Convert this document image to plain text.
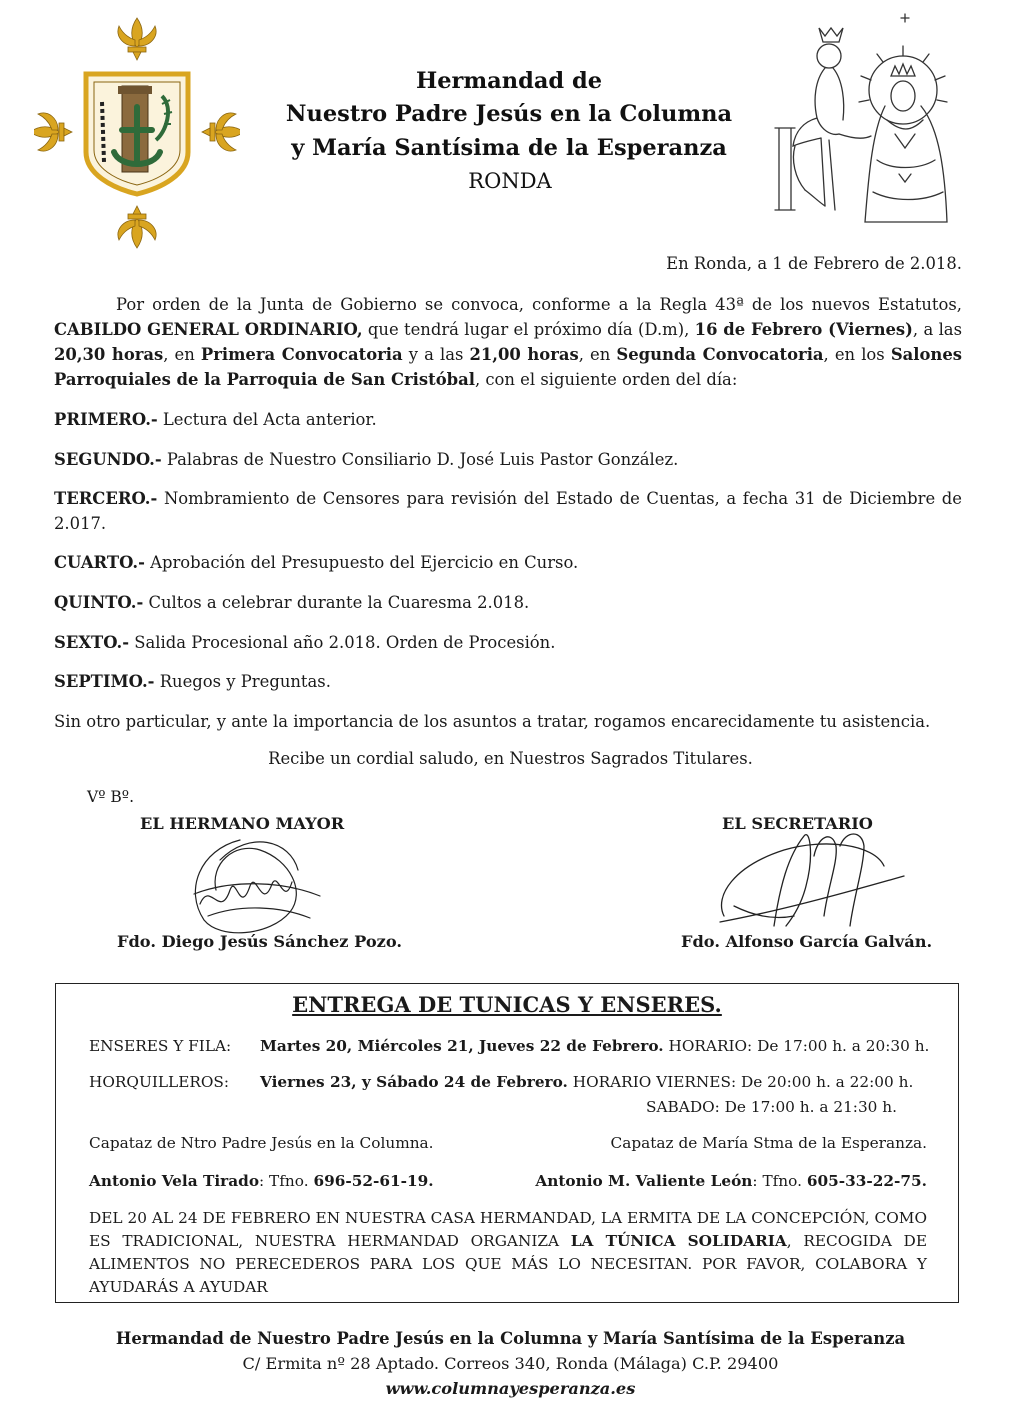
Hermandad de
Nuestro Padre Jesús en la Columna
y María Santísima de la Esperanza
RONDA
En Ronda, a 1 de Febrero de 2.018.
Por orden de la Junta de Gobierno se convoca, conforme a la Regla 43ª de los nuevos Estatutos, CABILDO GENERAL ORDINARIO, que tendrá lugar el próximo día (D.m), 16 de Febrero (Viernes), a las 20,30 horas, en Primera Convocatoria y a las 21,00 horas, en Segunda Convocatoria, en los Salones Parroquiales de la Parroquia de San Cristóbal, con el siguiente orden del día:
PRIMERO.- Lectura del Acta anterior.
SEGUNDO.- Palabras de Nuestro Consiliario D. José Luis Pastor González.
TERCERO.- Nombramiento de Censores para revisión del Estado de Cuentas, a fecha 31 de Diciembre de 2.017.
CUARTO.- Aprobación del Presupuesto del Ejercicio en Curso.
QUINTO.- Cultos a celebrar durante la Cuaresma 2.018.
SEXTO.- Salida Procesional año 2.018. Orden de Procesión.
SEPTIMO.- Ruegos y Preguntas.
Sin otro particular, y ante la importancia de los asuntos a tratar, rogamos encarecidamente tu asistencia.
Recibe un cordial saludo, en Nuestros Sagrados Titulares.
Vº Bº.
EL HERMANO MAYOR	EL SECRETARIO
Fdo. Diego Jesús Sánchez Pozo.	Fdo. Alfonso García Galván.
ENTREGA DE TUNICAS Y ENSERES.
ENSERES Y FILA: Martes 20, Miércoles 21, Jueves 22 de Febrero. HORARIO: De 17:00 h. a 20:30 h.
HORQUILLEROS: Viernes 23, y Sábado 24 de Febrero. HORARIO VIERNES: De 20:00 h. a 22:00 h.
SABADO: De 17:00 h. a 21:30 h.
Capataz de Ntro Padre Jesús en la Columna.	Capataz de María Stma de la Esperanza.
Antonio Vela Tirado: Tfno. 696-52-61-19.	Antonio M. Valiente León: Tfno. 605-33-22-75.
DEL 20 AL 24 DE FEBRERO EN NUESTRA CASA HERMANDAD, LA ERMITA DE LA CONCEPCIÓN, COMO ES TRADICIONAL, NUESTRA HERMANDAD ORGANIZA LA TÚNICA SOLIDARIA, RECOGIDA DE ALIMENTOS NO PERECEDEROS PARA LOS QUE MÁS LO NECESITAN. POR FAVOR, COLABORA Y AYUDARÁS A AYUDAR
Hermandad de Nuestro Padre Jesús en la Columna y María Santísima de la Esperanza
C/ Ermita nº 28 Aptado. Correos 340, Ronda (Málaga) C.P. 29400
www.columnayesperanza.es
